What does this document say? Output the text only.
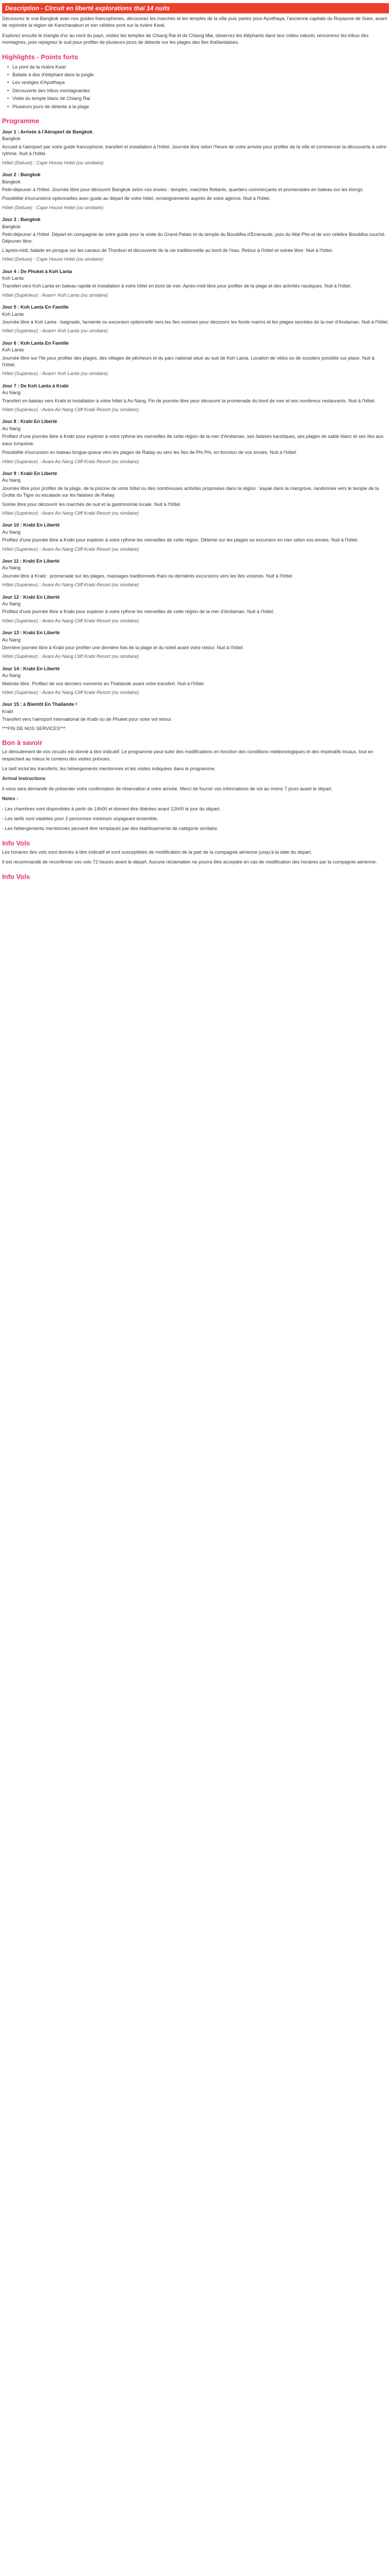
Description - Circuit en liberté explorations thaï 14 nuits

Découvrez le vrai Bangkok avec nos guides francophones, découvrez les marchés et les temples de la ville puis partez pour Ayutthaya, l'ancienne capitale du Royaume de Siam, avant de rejoindre la région de Kanchanaburi et son célèbre pont sur la rivière Kwaï.

Explorez ensuite le triangle d'or au nord du pays, visitez les temples de Chiang Rai et de Chiang Mai, observez les éléphants dans leur milieu naturel, rencontrez les tribus des montagnes, puis rejoignez le sud pour profiter de plusieurs jours de détente sur les plages des îles thaïlandaises.

Highlights - Points forts
• Le pont de la rivière Kwaï
• Balade à dos d'éléphant dans la jungle
• Les vestiges d'Ayutthaya
• Découverte des tribus montagnardes
• Visite du temple blanc de Chiang Rai
• Plusieurs jours de détente à la plage
Programme
Jour 1 : Arrivée à l'Aéroport de Bangkok
Bangkok

Accueil à l'aéroport par votre guide francophone, transfert et installation à l'hôtel. Journée libre selon l'heure de votre arrivée pour profiter de la ville et commencer la découverte à votre rythme. Nuit à l'hôtel.

Hôtel (Deluxe) : Cape House Hotel (ou similaire)

Jour 2 : Bangkok
Bangkok

Petit-déjeuner à l'hôtel. Journée libre pour découvrir Bangkok selon vos envies : temples, marchés flottants, quartiers commerçants et promenades en bateau sur les klongs.

Possibilité d'excursions optionnelles avec guide au départ de votre hôtel, renseignements auprès de votre agence. Nuit à l'hôtel.

Hôtel (Deluxe) : Cape House Hotel (ou similaire)

Jour 3 : Bangkok
Bangkok

Petit-déjeuner à l'hôtel. Départ en compagnie de votre guide pour la visite du Grand Palais et du temple du Bouddha d'Émeraude, puis du Wat Pho et de son célèbre Bouddha couché. Déjeuner libre.

L'après-midi, balade en pirogue sur les canaux de Thonburi et découverte de la vie traditionnelle au bord de l'eau. Retour à l'hôtel et soirée libre. Nuit à l'hôtel.

Hôtel (Deluxe) : Cape House Hotel (ou similaire)

Jour 4 : De Phuket à Koh Lanta
Koh Lanta

Transfert vers Koh Lanta en bateau rapide et installation à votre hôtel en bord de mer. Après-midi libre pour profiter de la plage et des activités nautiques. Nuit à l'hôtel.

Hôtel (Supérieur) : Avani+ Koh Lanta (ou similaire)

Jour 5 : Koh Lanta En Famille
Koh Lanta

Journée libre à Koh Lanta : baignade, farniente ou excursion optionnelle vers les îles voisines pour découvrir les fonds marins et les plages secrètes de la mer d'Andaman. Nuit à l'hôtel.

Hôtel (Supérieur) : Avani+ Koh Lanta (ou similaire)

Jour 6 : Koh Lanta En Famille
Koh Lanta

Journée libre sur l'île pour profiter des plages, des villages de pêcheurs et du parc national situé au sud de Koh Lanta. Location de vélos ou de scooters possible sur place. Nuit à l'hôtel.

Hôtel (Supérieur) : Avani+ Koh Lanta (ou similaire)

Jour 7 : De Koh Lanta à Krabi
Au Nang

Transfert en bateau vers Krabi et installation à votre hôtel à Ao Nang. Fin de journée libre pour découvrir la promenade du bord de mer et ses nombreux restaurants. Nuit à l'hôtel.

Hôtel (Supérieur) : Avani Ao Nang Cliff Krabi Resort (ou similaire)

Jour 8 : Krabi En Liberté
Au Nang

Profitez d'une journée libre à Krabi pour explorer à votre rythme les merveilles de cette région de la mer d'Andaman, ses falaises karstiques, ses plages de sable blanc et ses îles aux eaux turquoise.

Possibilité d'excursion en bateau longue-queue vers les plages de Railay ou vers les îles de Phi Phi, en fonction de vos envies. Nuit à l'hôtel.

Hôtel (Supérieur) : Avani Ao Nang Cliff Krabi Resort (ou similaire)

Jour 9 : Krabi En Liberté
Au Nang

Journée libre pour profiter de la plage, de la piscine de votre hôtel ou des nombreuses activités proposées dans la région : kayak dans la mangrove, randonnée vers le temple de la Grotte du Tigre ou escalade sur les falaises de Railay.

Soirée libre pour découvrir les marchés de nuit et la gastronomie locale. Nuit à l'hôtel.

Hôtel (Supérieur) : Avani Ao Nang Cliff Krabi Resort (ou similaire)

Jour 10 : Krabi En Liberté
Au Nang

Profitez d'une journée libre à Krabi pour explorer à votre rythme les merveilles de cette région. Détente sur les plages ou excursion en mer selon vos envies. Nuit à l'hôtel.

Hôtel (Supérieur) : Avani Ao Nang Cliff Krabi Resort (ou similaire)

Jour 11 : Krabi En Liberté
Au Nang

Journée libre à Krabi : promenade sur les plages, massages traditionnels thaïs ou dernières excursions vers les îles voisines. Nuit à l'hôtel.

Hôtel (Supérieur) : Avani Ao Nang Cliff Krabi Resort (ou similaire)

Jour 12 : Krabi En Liberté
Au Nang

Profitez d'une journée libre à Krabi pour explorer à votre rythme les merveilles de cette région de la mer d'Andaman. Nuit à l'hôtel.

Hôtel (Supérieur) : Avani Ao Nang Cliff Krabi Resort (ou similaire)

Jour 13 : Krabi En Liberté
Au Nang

Dernière journée libre à Krabi pour profiter une dernière fois de la plage et du soleil avant votre retour. Nuit à l'hôtel.

Hôtel (Supérieur) : Avani Ao Nang Cliff Krabi Resort (ou similaire)

Jour 14 : Krabi En Liberté
Au Nang

Matinée libre. Profitez de vos derniers moments en Thaïlande avant votre transfert. Nuit à l'hôtel.

Hôtel (Supérieur) : Avani Ao Nang Cliff Krabi Resort (ou similaire)

Jour 15 : à Bientôt En Thaïlande !
Krabi

Transfert vers l'aéroport international de Krabi ou de Phuket pour votre vol retour.

***FIN DE NOS SERVICES***

Bon à savoir

Le déroulement de vos circuits est donné à titre indicatif. Le programme peut subir des modifications en fonction des conditions météorologiques et des impératifs locaux, tout en respectant au mieux le contenu des visites prévues.

Le tarif inclut les transferts, les hébergements mentionnés et les visites indiquées dans le programme.

Arrival Instructions

Il vous sera demandé de présenter votre confirmation de réservation à votre arrivée. Merci de fournir vos informations de vol au moins 7 jours avant le départ.

Notes :

- Les chambres sont disponibles à partir de 14h00 et doivent être libérées avant 12h00 le jour du départ.

- Les tarifs sont valables pour 2 personnes minimum voyageant ensemble.

- Les hébergements mentionnés peuvent être remplacés par des établissements de catégorie similaire.

Info Vols

Les horaires des vols sont donnés à titre indicatif et sont susceptibles de modification de la part de la compagnie aérienne jusqu'à la date du départ.

Il est recommandé de reconfirmer vos vols 72 heures avant le départ. Aucune réclamation ne pourra être acceptée en cas de modification des horaires par la compagnie aérienne.

Info Vols
